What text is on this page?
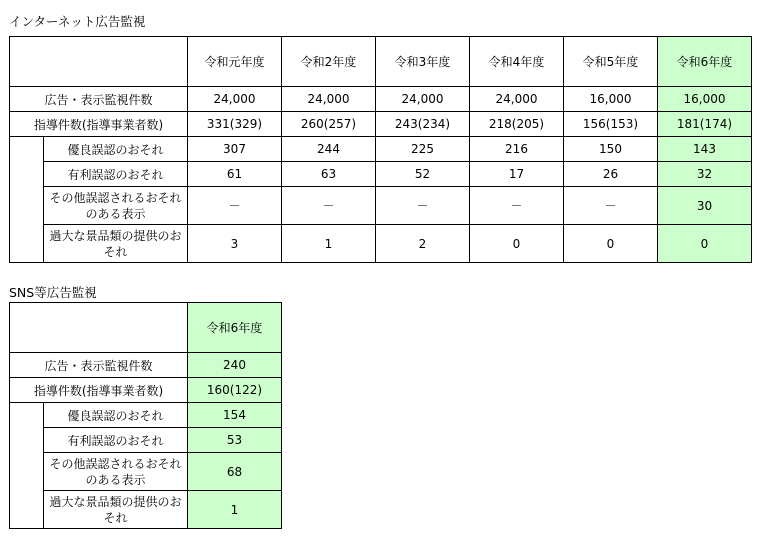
インターネット広告監視
		令和元年度	令和2年度	令和3年度	令和4年度	令和5年度	令和6年度
広告・表示監視件数		24,000	24,000	24,000	24,000	16,000	16,000
指導件数(指導事業者数)		331(329)	260(257)	243(234)	218(205)	156(153)	181(174)
	優良誤認のおそれ	307	244	225	216	150	143
	有利誤認のおそれ	61	63	52	17	26	32
	その他誤認されるおそれのある表示	－	－	－	－	－	30
	過大な景品類の提供のおそれ	3	1	2	0	0	0
SNS等広告監視
		令和6年度
広告・表示監視件数		240
指導件数(指導事業者数)		160(122)
	優良誤認のおそれ	154
	有利誤認のおそれ	53
	その他誤認されるおそれのある表示	68
	過大な景品類の提供のおそれ	1
